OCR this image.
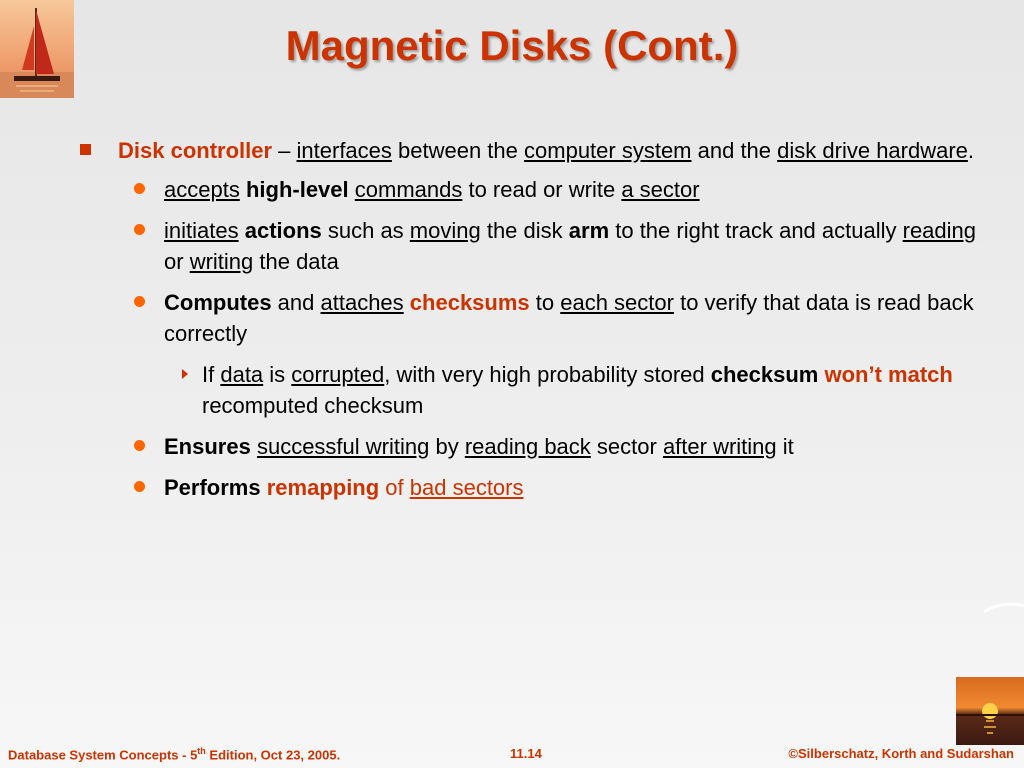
Magnetic Disks (Cont.)
Disk controller – interfaces between the computer system and the disk drive hardware.
accepts high-level commands to read or write a sector
initiates actions such as moving the disk arm to the right track and actually reading or writing the data
Computes and attaches checksums to each sector to verify that data is read back correctly
If data is corrupted, with very high probability stored checksum won’t match recomputed checksum
Ensures successful writing by reading back sector after writing it
Performs remapping of bad sectors
Database System Concepts - 5th Edition, Oct 23, 2005.	11.14	©Silberschatz, Korth and Sudarshan
